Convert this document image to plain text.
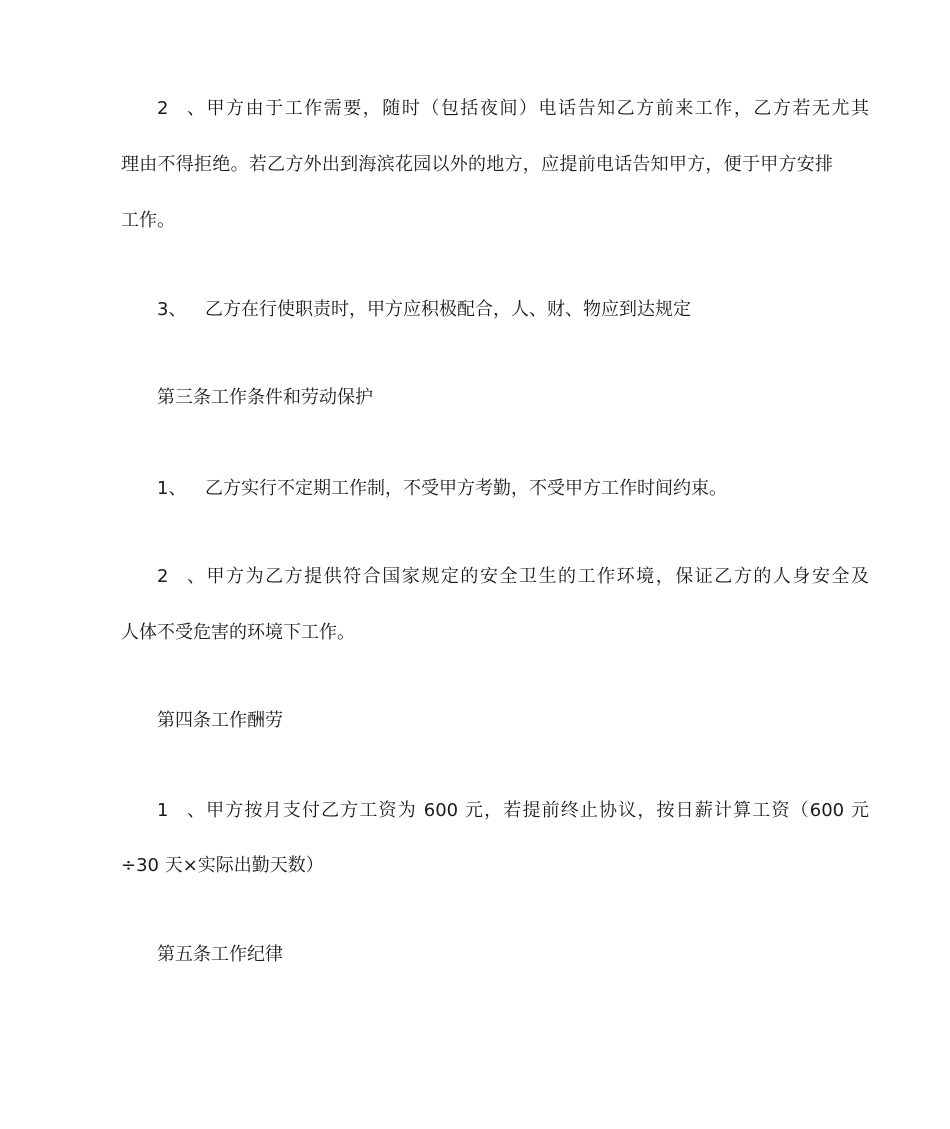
2、甲方由于工作需要，随时（包括夜间）电话告知乙方前来工作，乙方若无尤其
理由不得拒绝。若乙方外出到海滨花园以外的地方，应提前电话告知甲方，便于甲方安排
工作。
3、 乙方在行使职责时，甲方应积极配合，人、财、物应到达规定
第三条工作条件和劳动保护
1、 乙方实行不定期工作制，不受甲方考勤，不受甲方工作时间约束。
2、甲方为乙方提供符合国家规定的安全卫生的工作环境，保证乙方的人身安全及
人体不受危害的环境下工作。
第四条工作酬劳
1、甲方按月支付乙方工资为 600 元，若提前终止协议，按日薪计算工资（600 元
÷30 天×实际出勤天数）
第五条工作纪律
